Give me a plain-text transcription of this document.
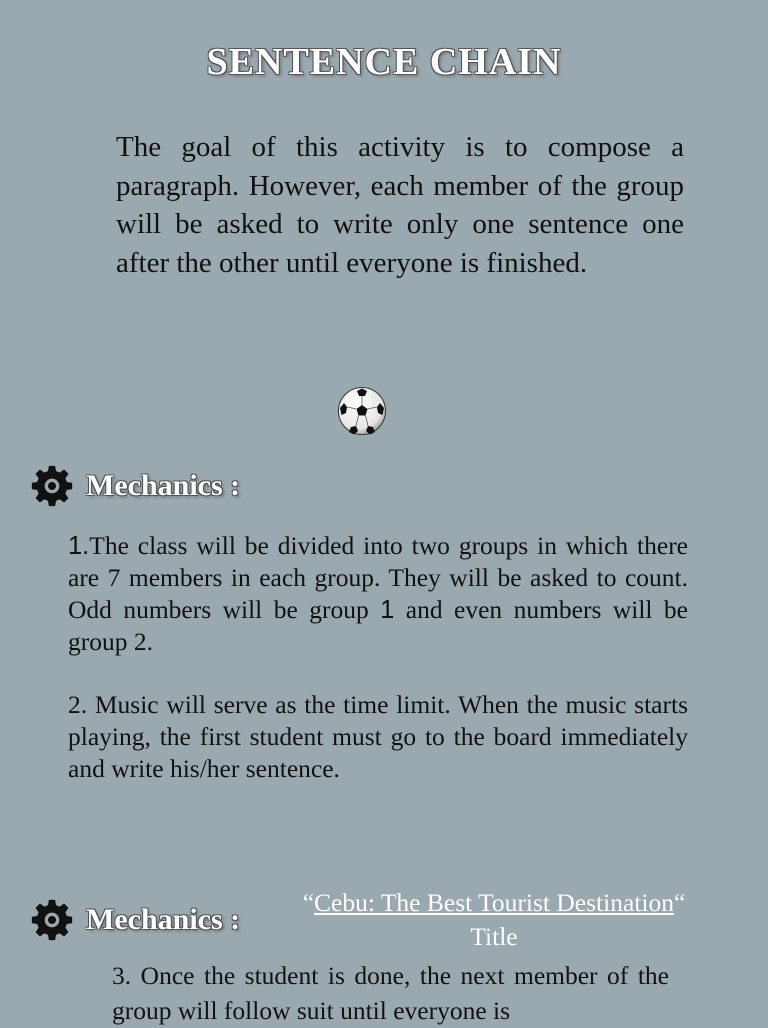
SENTENCE CHAIN
The goal of this activity is to compose a paragraph. However, each member of the group will be asked to write only one sentence one after the other until everyone is finished.
Mechanics :
1.The class will be divided into two groups in which there are 7 members in each group. They will be asked to count. Odd numbers will be group 1 and even numbers will be group 2.
2. Music will serve as the time limit. When the music starts playing, the first student must go to the board immediately and write his/her sentence.
“Cebu: The Best Tourist Destination“
Title
Mechanics :
3. Once the student is done, the next member of the group will follow suit until everyone is
